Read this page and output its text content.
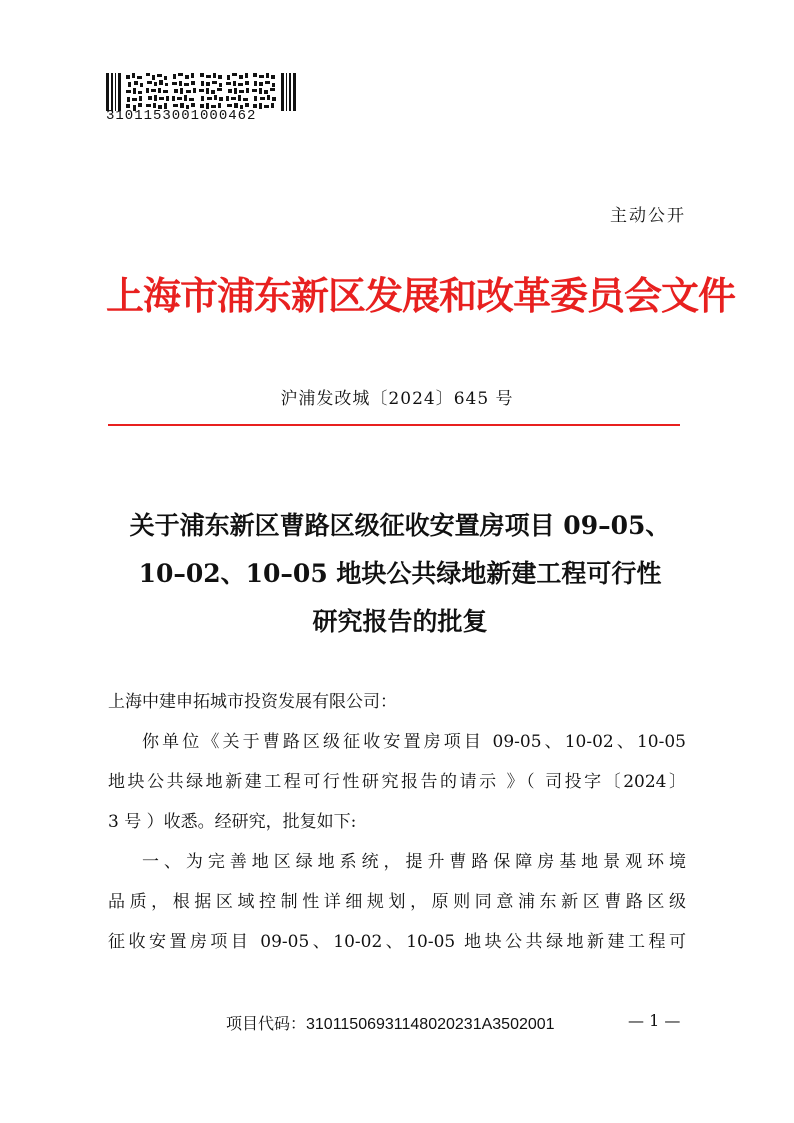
3101153001000462
主动公开
上海市浦东新区发展和改革委员会文件
沪浦发改城〔2024〕645 号
关于浦东新区曹路区级征收安置房项目 09–05、
10–02、10–05 地块公共绿地新建工程可行性
研究报告的批复

上海中建申拓城市投资发展有限公司：

你单位《关于曹路区级征收安置房项目 09-05、10-02、10-05

地块公共绿地新建工程可行性研究报告的请示 》（ 司投字〔2024〕

3 号 ）收悉。经研究，批复如下:

一、为完善地区绿地系统，提升曹路保障房基地景观环境

品质，根据区域控制性详细规划，原则同意浦东新区曹路区级

征收安置房项目 09-05、10-02、10-05 地块公共绿地新建工程可

项目代码：31011506931148020231A3502001	— 1 —
